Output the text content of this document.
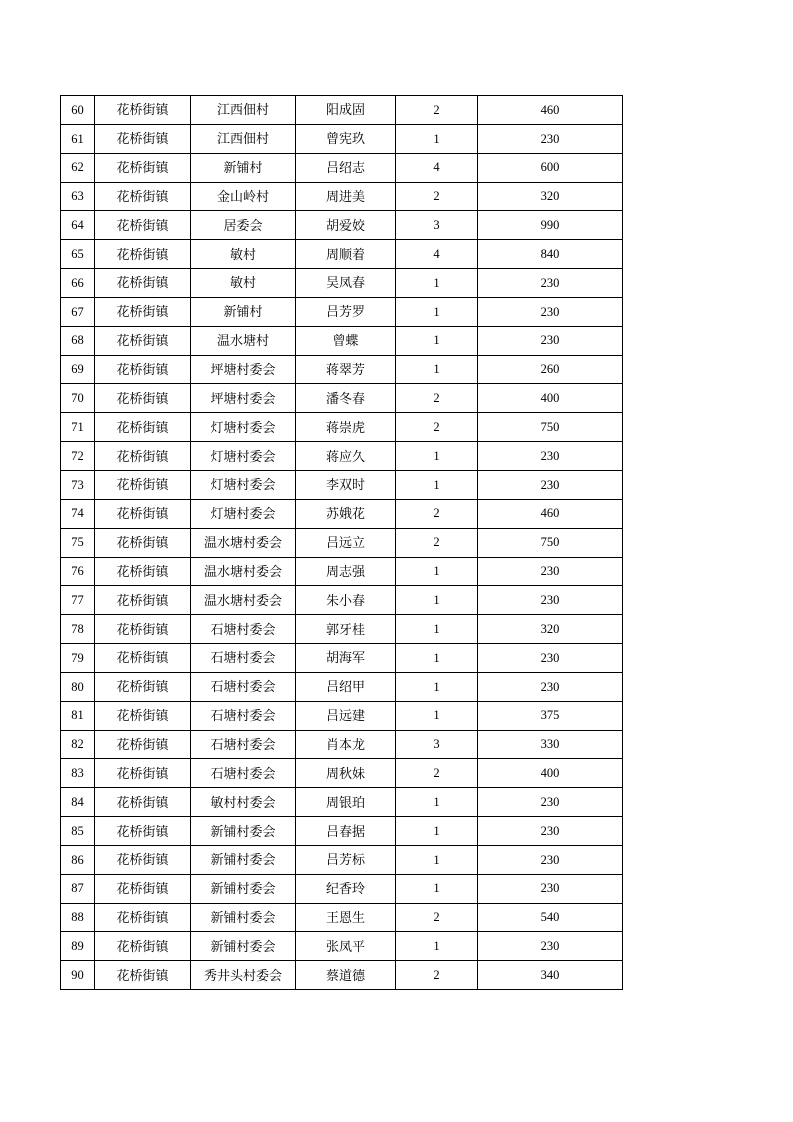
60	花桥街镇	江西佃村	阳成固	2	460
61	花桥街镇	江西佃村	曾宪玖	1	230
62	花桥街镇	新铺村	吕绍志	4	600
63	花桥街镇	金山岭村	周进美	2	320
64	花桥街镇	居委会	胡爱姣	3	990
65	花桥街镇	敏村	周顺着	4	840
66	花桥街镇	敏村	吴凤春	1	230
67	花桥街镇	新铺村	吕芳罗	1	230
68	花桥街镇	温水塘村	曾蝶	1	230
69	花桥街镇	坪塘村委会	蒋翠芳	1	260
70	花桥街镇	坪塘村委会	潘冬春	2	400
71	花桥街镇	灯塘村委会	蒋崇虎	2	750
72	花桥街镇	灯塘村委会	蒋应久	1	230
73	花桥街镇	灯塘村委会	李双时	1	230
74	花桥街镇	灯塘村委会	苏娥花	2	460
75	花桥街镇	温水塘村委会	吕远立	2	750
76	花桥街镇	温水塘村委会	周志强	1	230
77	花桥街镇	温水塘村委会	朱小春	1	230
78	花桥街镇	石塘村委会	郭牙桂	1	320
79	花桥街镇	石塘村委会	胡海军	1	230
80	花桥街镇	石塘村委会	吕绍甲	1	230
81	花桥街镇	石塘村委会	吕远建	1	375
82	花桥街镇	石塘村委会	肖本龙	3	330
83	花桥街镇	石塘村委会	周秋妹	2	400
84	花桥街镇	敏村村委会	周银珀	1	230
85	花桥街镇	新铺村委会	吕春据	1	230
86	花桥街镇	新铺村委会	吕芳标	1	230
87	花桥街镇	新铺村委会	纪香玲	1	230
88	花桥街镇	新铺村委会	王恩生	2	540
89	花桥街镇	新铺村委会	张凤平	1	230
90	花桥街镇	秀井头村委会	蔡道德	2	340
